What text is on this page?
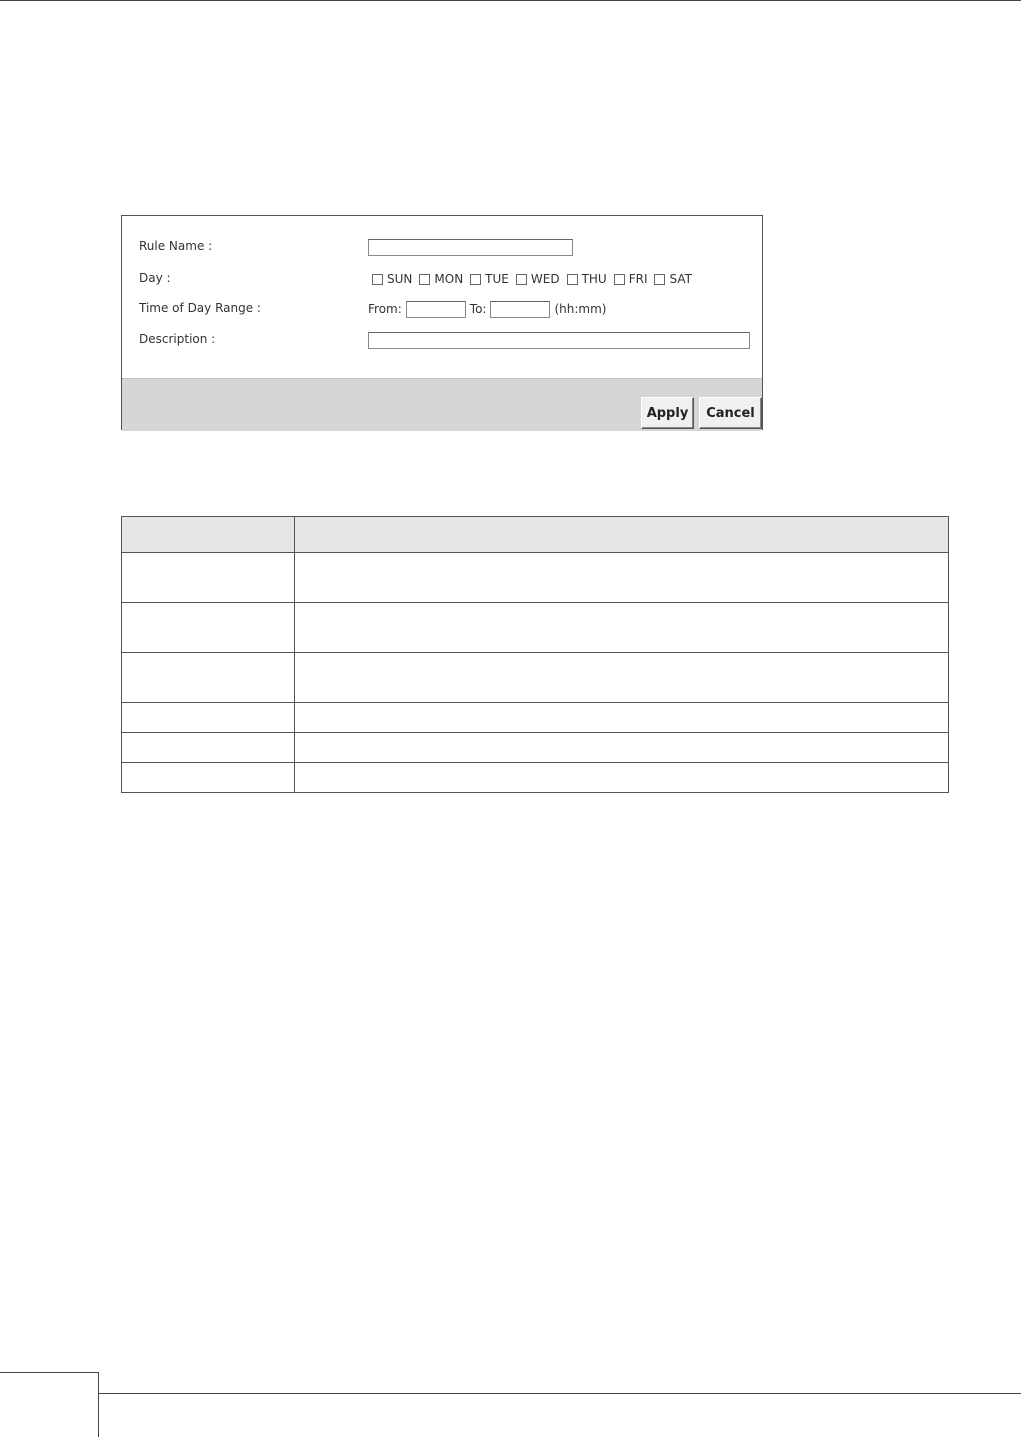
Rule Name :
Day :	SUN MON TUE WED THU FRI SAT
Time of Day Range :	From:	To:	(hh:mm)
Description :
Apply	Cancel
